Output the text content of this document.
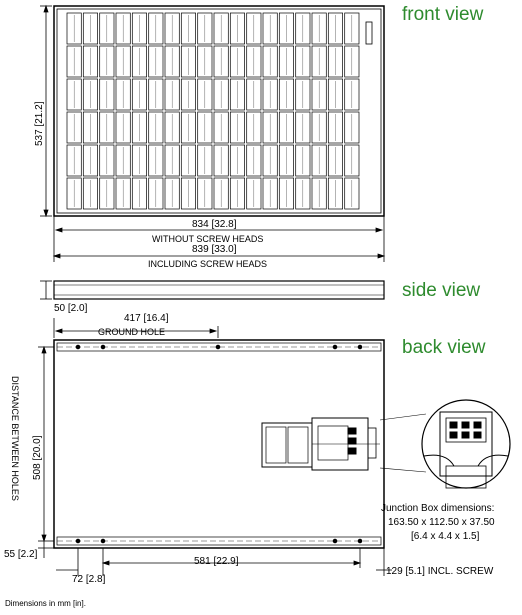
front view
side view
back view
537 [21.2]
834 [32.8]
WITHOUT SCREW HEADS
839 [33.0]
INCLUDING SCREW HEADS
50 [2.0]
417 [16.4]
GROUND HOLE
DISTANCE BETWEEN HOLES 508 [20.0]
55 [2.2]
72 [2.8]
581 [22.9]
129 [5.1] INCL. SCREW
Junction Box dimensions:
163.50 x 112.50 x 37.50
[6.4 x 4.4 x 1.5]
Dimensions in mm [in].
